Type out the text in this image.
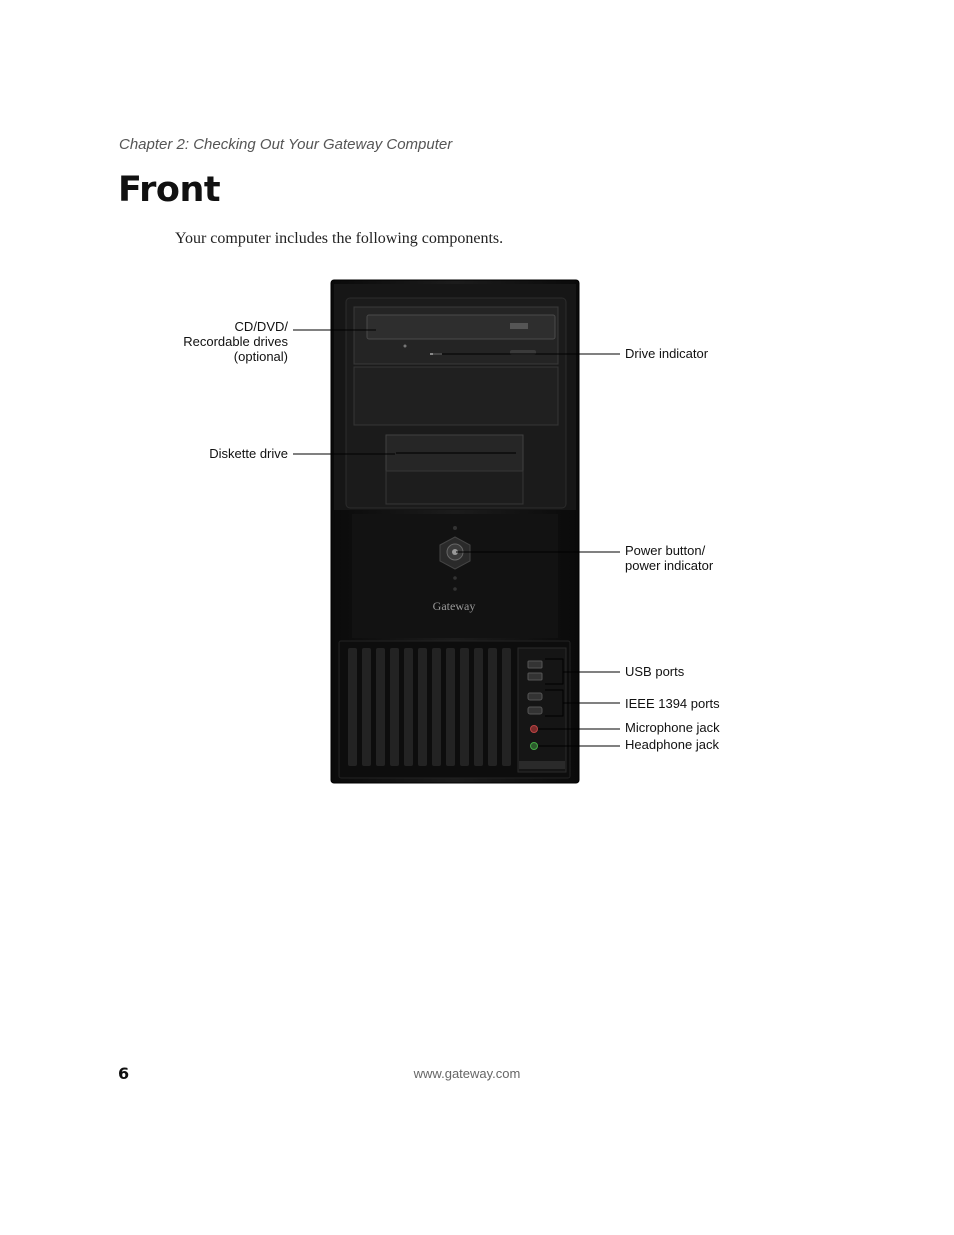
Chapter 2: Checking Out Your Gateway Computer
Front
Your computer includes the following components.
Gateway
CD/DVD/
Recordable drives
(optional)
Diskette drive
Drive indicator
Power button/
power indicator
USB ports
IEEE 1394 ports
Microphone jack
Headphone jack
6	www.gateway.com
